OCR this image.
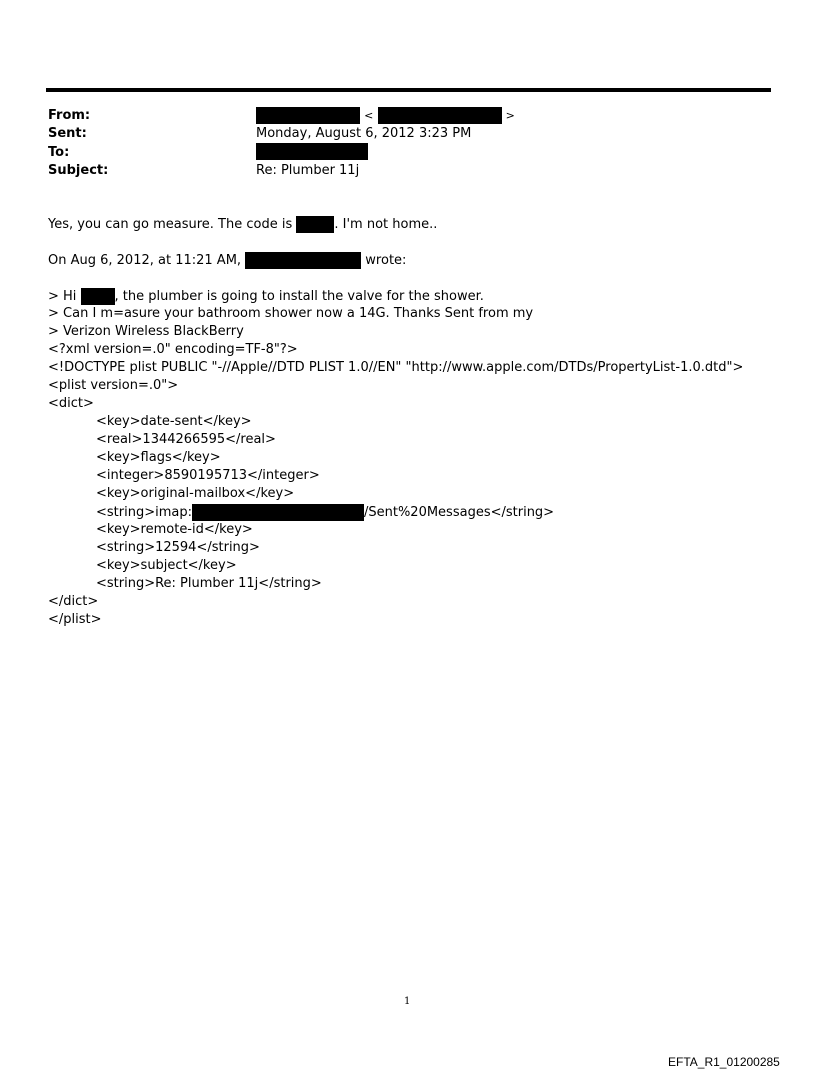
From:	<	>
Sent:	Monday, August 6, 2012 3:23 PM
To:
Subject:	Re: Plumber 11j
Yes, you can go measure. The code is	. I'm not home..
On Aug 6, 2012, at 11:21 AM,	wrote:
> Hi	, the plumber is going to install the valve for the shower.
> Can I m=asure your bathroom shower now a 14G. Thanks Sent from my
> Verizon Wireless BlackBerry
<?xml version=.0" encoding=TF-8"?>
<!DOCTYPE plist PUBLIC "-//Apple//DTD PLIST 1.0//EN" "http://www.apple.com/DTDs/PropertyList-1.0.dtd">
<plist version=.0">
<dict>
<key>date-sent</key>
<real>1344266595</real>
<key>flags</key>
<integer>8590195713</integer>
<key>original-mailbox</key>
<string>imap:	/Sent%20Messages</string>
<key>remote-id</key>
<string>12594</string>
<key>subject</key>
<string>Re: Plumber 11j</string>
</dict>
</plist>
1
EFTA_R1_01200285
